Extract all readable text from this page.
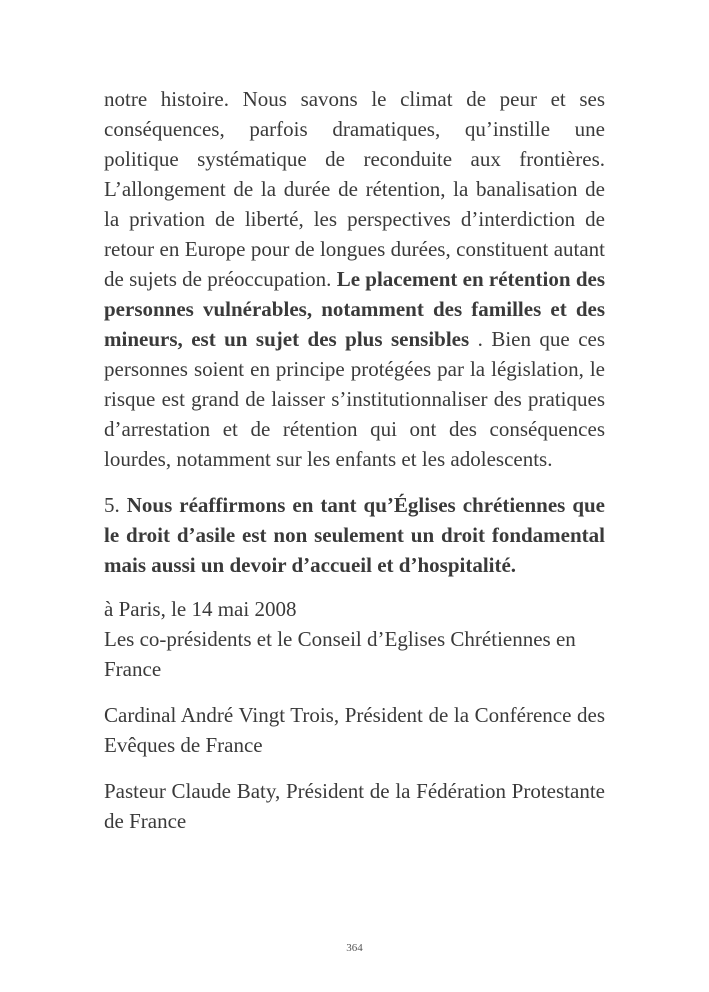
notre histoire. Nous savons le climat de peur et ses conséquences, parfois dramatiques, qu’instille une politique systématique de reconduite aux frontières. L’allongement de la durée de rétention, la banalisation de la privation de liberté, les perspectives d’interdiction de retour en Europe pour de longues durées, constituent autant de sujets de préoccupation. Le placement en rétention des personnes vulnérables, notamment des familles et des mineurs, est un sujet des plus sensibles . Bien que ces personnes soient en principe protégées par la législation, le risque est grand de laisser s’institutionnaliser des pratiques d’arrestation et de rétention qui ont des conséquences lourdes, notamment sur les enfants et les adolescents.

5. Nous réaffirmons en tant qu’Églises chrétiennes que le droit d’asile est non seulement un droit fondamental mais aussi un devoir d’accueil et d’hospitalité.

à Paris, le 14 mai 2008

Les co-présidents et le Conseil d’Eglises Chrétiennes en France

Cardinal André Vingt Trois, Président de la Conférence des Evêques de France

Pasteur Claude Baty, Président de la Fédération Protestante de France

364
